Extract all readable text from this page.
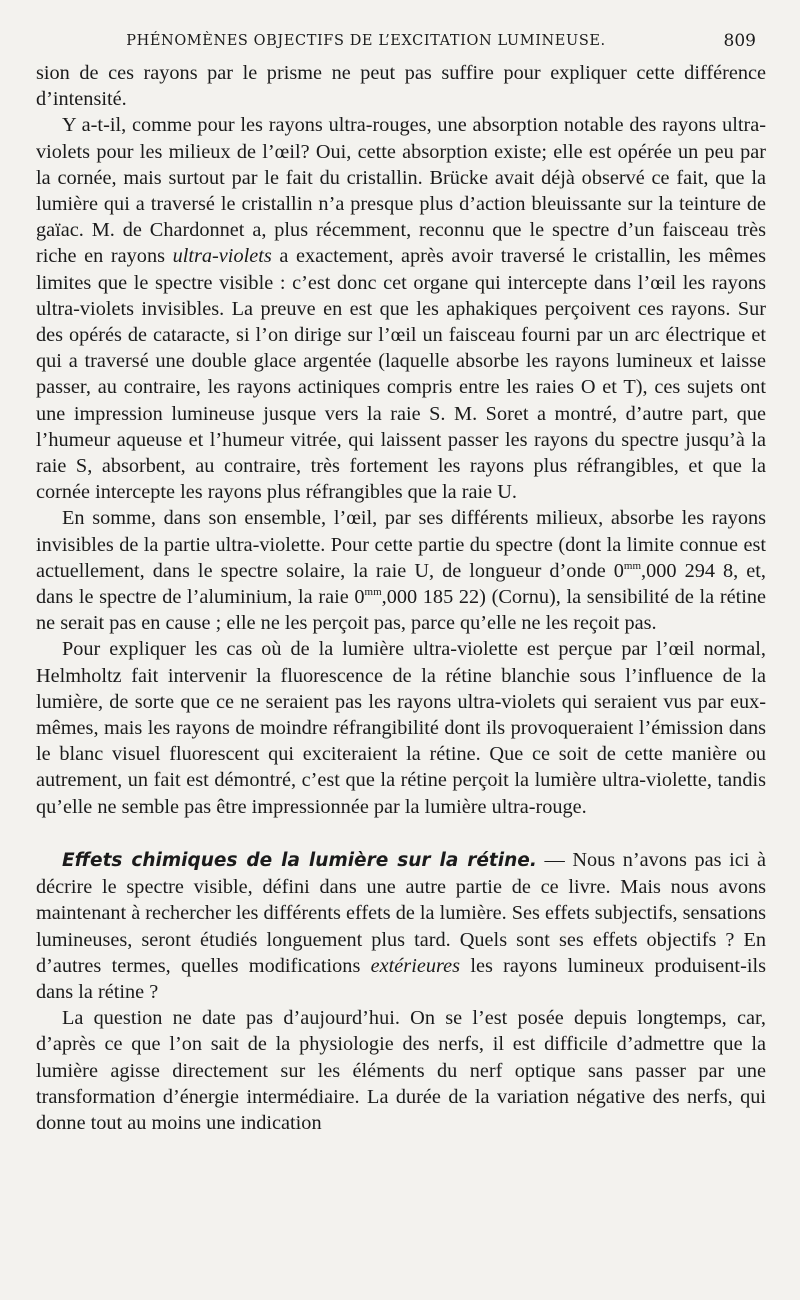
PHÉNOMÈNES OBJECTIFS DE L’EXCITATION LUMINEUSE.	809

sion de ces rayons par le prisme ne peut pas suffire pour expliquer cette différence d’intensité.

Y a-t-il, comme pour les rayons ultra-rouges, une absorption notable des rayons ultra-violets pour les milieux de l’œil? Oui, cette absorption existe; elle est opérée un peu par la cornée, mais surtout par le fait du cristallin. Brücke avait déjà observé ce fait, que la lumière qui a traversé le cristallin n’a presque plus d’action bleuissante sur la teinture de gaïac. M. de Chardonnet a, plus récemment, reconnu que le spectre d’un faisceau très riche en rayons ultra-violets a exactement, après avoir traversé le cristallin, les mêmes limites que le spectre visible : c’est donc cet organe qui intercepte dans l’œil les rayons ultra-violets invisibles. La preuve en est que les aphakiques perçoivent ces rayons. Sur des opérés de cataracte, si l’on dirige sur l’œil un faisceau fourni par un arc électrique et qui a traversé une double glace argentée (laquelle absorbe les rayons lumineux et laisse passer, au contraire, les rayons actiniques compris entre les raies O et T), ces sujets ont une impression lumineuse jusque vers la raie S. M. Soret a montré, d’autre part, que l’humeur aqueuse et l’humeur vitrée, qui laissent passer les rayons du spectre jusqu’à la raie S, absorbent, au contraire, très fortement les rayons plus réfrangibles, et que la cornée intercepte les rayons plus réfrangibles que la raie U.

En somme, dans son ensemble, l’œil, par ses différents milieux, absorbe les rayons invisibles de la partie ultra-violette. Pour cette partie du spectre (dont la limite connue est actuellement, dans le spectre solaire, la raie U, de longueur d’onde $0^{mm},000$ 294 8, et, dans le spectre de l’aluminium, la raie $0^{mm},000$ 185 22) (Cornu), la sensibilité de la rétine ne serait pas en cause ; elle ne les perçoit pas, parce qu’elle ne les reçoit pas.

Pour expliquer les cas où de la lumière ultra-violette est perçue par l’œil normal, Helmholtz fait intervenir la fluorescence de la rétine blanchie sous l’influence de la lumière, de sorte que ce ne seraient pas les rayons ultra-violets qui seraient vus par eux-mêmes, mais les rayons de moindre réfrangibilité dont ils provoqueraient l’émission dans le blanc visuel fluorescent qui exciteraient la rétine. Que ce soit de cette manière ou autrement, un fait est démontré, c’est que la rétine perçoit la lumière ultra-violette, tandis qu’elle ne semble pas être impressionnée par la lumière ultra-rouge.

Effets chimiques de la lumière sur la rétine. — Nous n’avons pas ici à décrire le spectre visible, défini dans une autre partie de ce livre. Mais nous avons maintenant à rechercher les différents effets de la lumière. Ses effets subjectifs, sensations lumineuses, seront étudiés longuement plus tard. Quels sont ses effets objectifs ? En d’autres termes, quelles modifications extérieures les rayons lumineux produisent-ils dans la rétine ?

La question ne date pas d’aujourd’hui. On se l’est posée depuis longtemps, car, d’après ce que l’on sait de la physiologie des nerfs, il est difficile d’admettre que la lumière agisse directement sur les éléments du nerf optique sans passer par une transformation d’énergie intermédiaire. La durée de la variation négative des nerfs, qui donne tout au moins une indication
